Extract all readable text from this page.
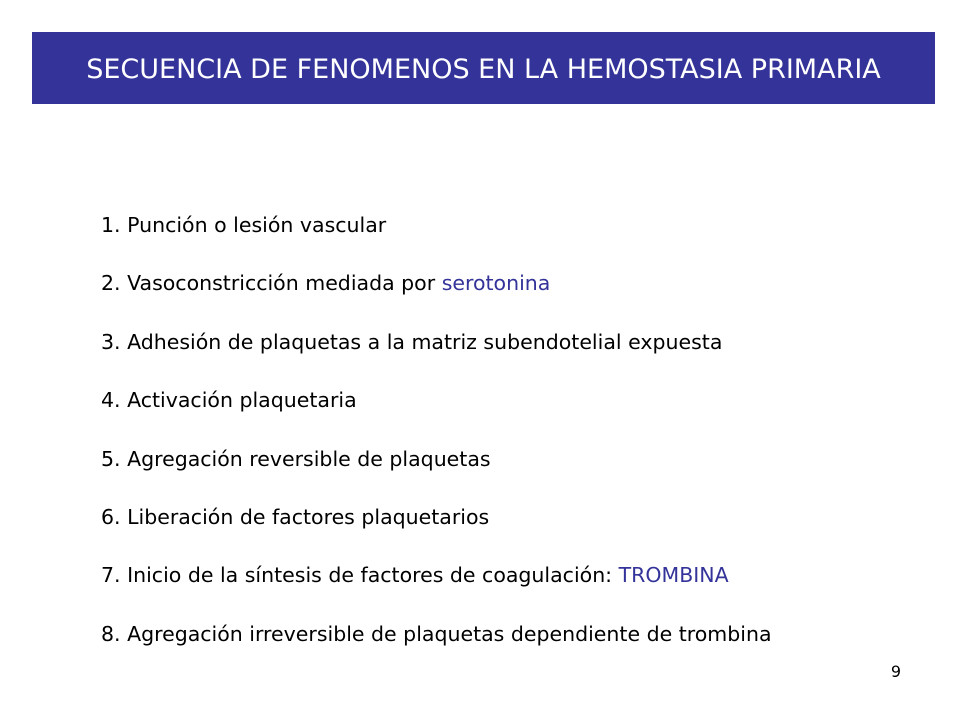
SECUENCIA DE FENOMENOS EN LA HEMOSTASIA PRIMARIA
1. Punción o lesión vascular
2. Vasoconstricción mediada por serotonina
3. Adhesión de plaquetas a la matriz subendotelial expuesta
4. Activación plaquetaria
5. Agregación reversible de plaquetas
6. Liberación de factores plaquetarios
7. Inicio de la síntesis de factores de coagulación: TROMBINA
8. Agregación irreversible de plaquetas dependiente de trombina
9
